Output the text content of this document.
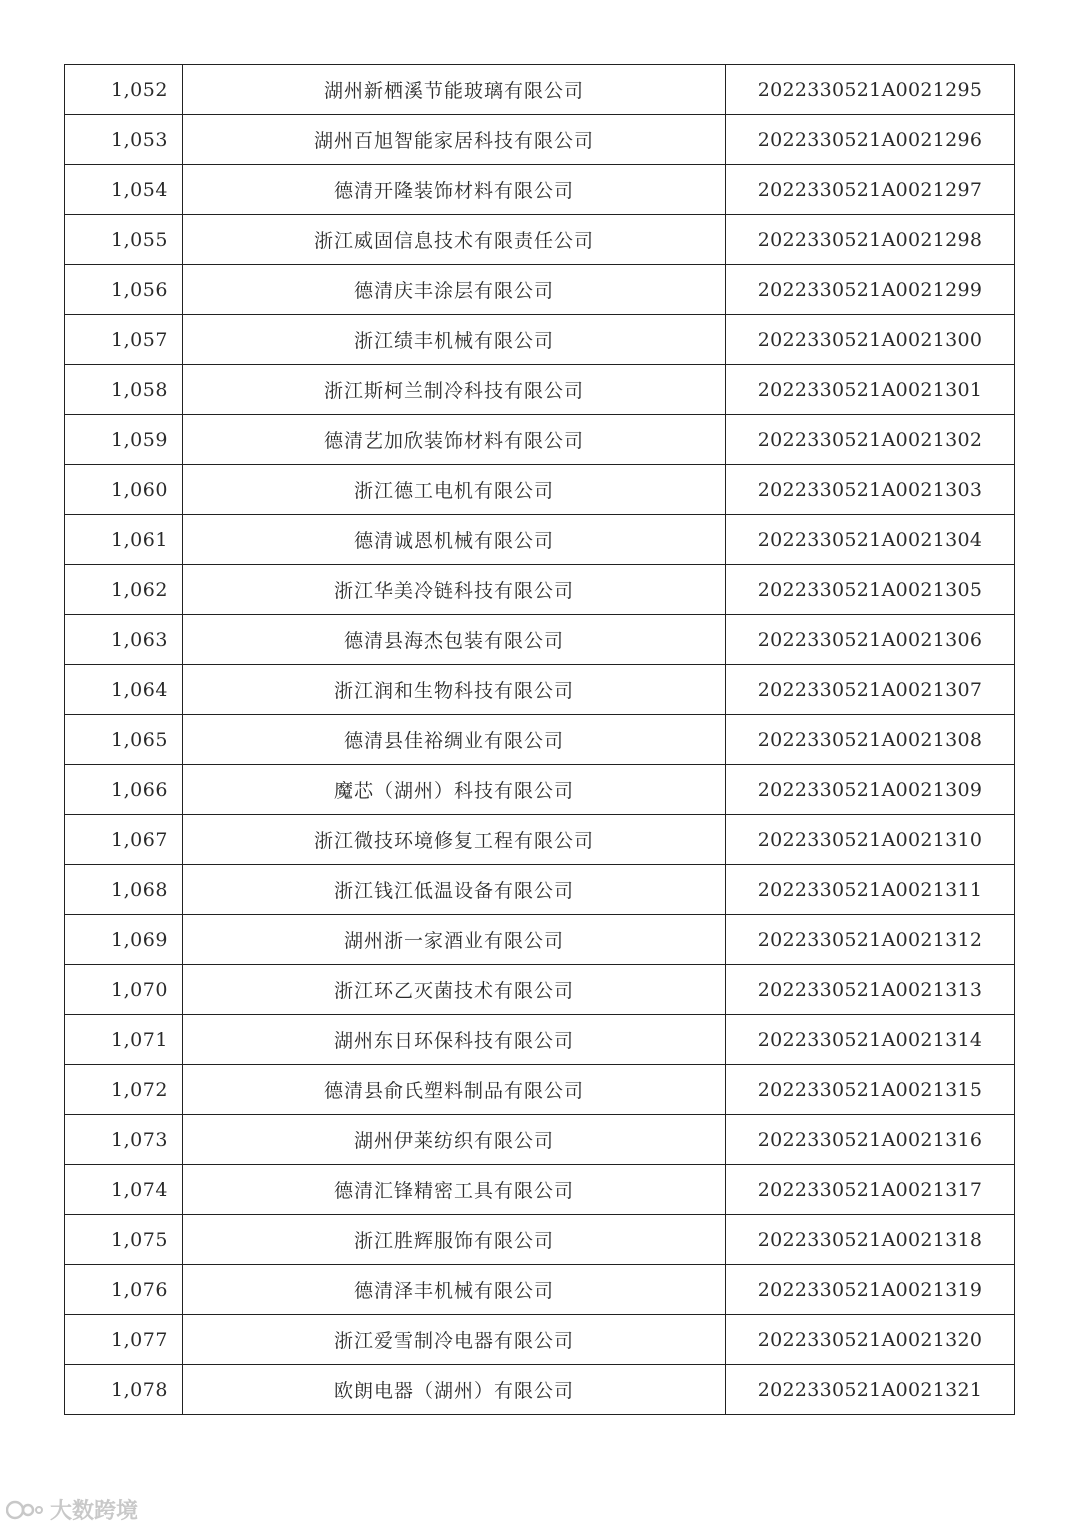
1,052	湖州新栖溪节能玻璃有限公司	2022330521A0021295
1,053	湖州百旭智能家居科技有限公司	2022330521A0021296
1,054	德清开隆装饰材料有限公司	2022330521A0021297
1,055	浙江威固信息技术有限责任公司	2022330521A0021298
1,056	德清庆丰涂层有限公司	2022330521A0021299
1,057	浙江绩丰机械有限公司	2022330521A0021300
1,058	浙江斯柯兰制冷科技有限公司	2022330521A0021301
1,059	德清艺加欣装饰材料有限公司	2022330521A0021302
1,060	浙江德工电机有限公司	2022330521A0021303
1,061	德清诚恩机械有限公司	2022330521A0021304
1,062	浙江华美冷链科技有限公司	2022330521A0021305
1,063	德清县海杰包装有限公司	2022330521A0021306
1,064	浙江润和生物科技有限公司	2022330521A0021307
1,065	德清县佳裕绸业有限公司	2022330521A0021308
1,066	魔芯（湖州）科技有限公司	2022330521A0021309
1,067	浙江微技环境修复工程有限公司	2022330521A0021310
1,068	浙江钱江低温设备有限公司	2022330521A0021311
1,069	湖州浙一家酒业有限公司	2022330521A0021312
1,070	浙江环乙灭菌技术有限公司	2022330521A0021313
1,071	湖州东日环保科技有限公司	2022330521A0021314
1,072	德清县俞氏塑料制品有限公司	2022330521A0021315
1,073	湖州伊莱纺织有限公司	2022330521A0021316
1,074	德清汇锋精密工具有限公司	2022330521A0021317
1,075	浙江胜辉服饰有限公司	2022330521A0021318
1,076	德清泽丰机械有限公司	2022330521A0021319
1,077	浙江爱雪制冷电器有限公司	2022330521A0021320
1,078	欧朗电器（湖州）有限公司	2022330521A0021321
大数跨境
